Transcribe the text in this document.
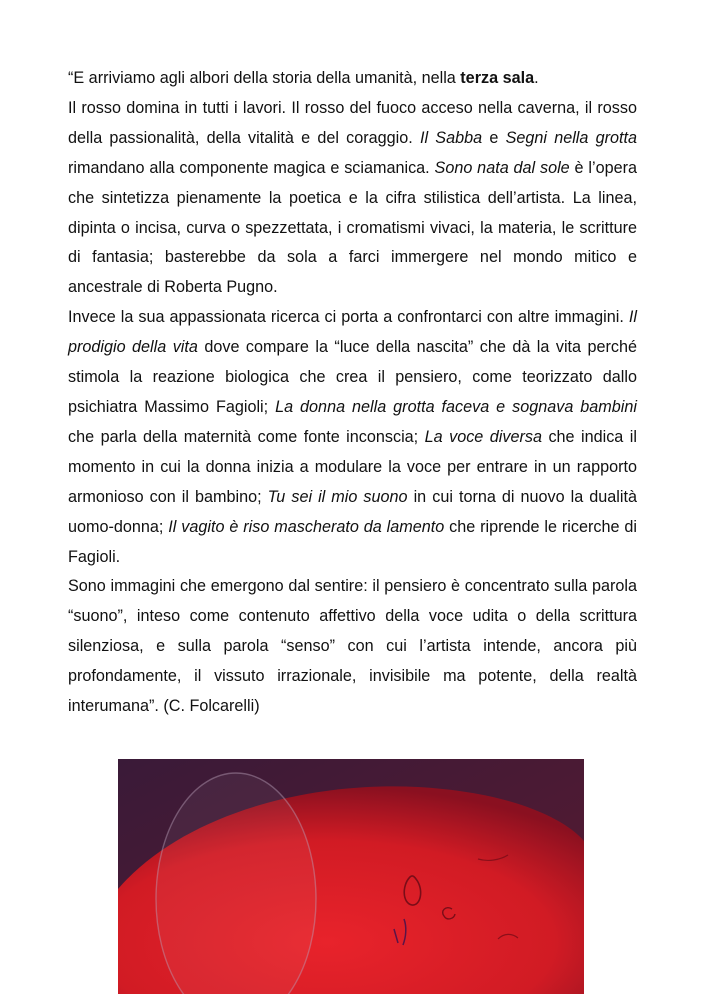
“E arriviamo agli albori della storia della umanità, nella terza sala.

Il rosso domina in tutti i lavori. Il rosso del fuoco acceso nella caverna, il rosso della passionalità, della vitalità e del coraggio. Il Sabba e Segni nella grotta rimandano alla componente magica e sciamanica. Sono nata dal sole è l’opera che sintetizza pienamente la poetica e la cifra stilistica dell’artista. La linea, dipinta o incisa, curva o spezzettata, i cromatismi vivaci, la materia, le scritture di fantasia; basterebbe da sola a farci immergere nel mondo mitico e ancestrale di Roberta Pugno.

Invece la sua appassionata ricerca ci porta a confrontarci con altre immagini. Il prodigio della vita dove compare la “luce della nascita” che dà la vita perché stimola la reazione biologica che crea il pensiero, come teorizzato dallo psichiatra Massimo Fagioli; La donna nella grotta faceva e sognava bambini che parla della maternità come fonte inconscia; La voce diversa che indica il momento in cui la donna inizia a modulare la voce per entrare in un rapporto armonioso con il bambino; Tu sei il mio suono in cui torna di nuovo la dualità uomo-donna; Il vagito è riso mascherato da lamento che riprende le ricerche di Fagioli.

Sono immagini che emergono dal sentire: il pensiero è concentrato sulla parola “suono”, inteso come contenuto affettivo della voce udita o della scrittura silenziosa, e sulla parola “senso” con cui l’artista intende, ancora più profondamente, il vissuto irrazionale, invisibile ma potente, della realtà interumana”. (C. Folcarelli)
